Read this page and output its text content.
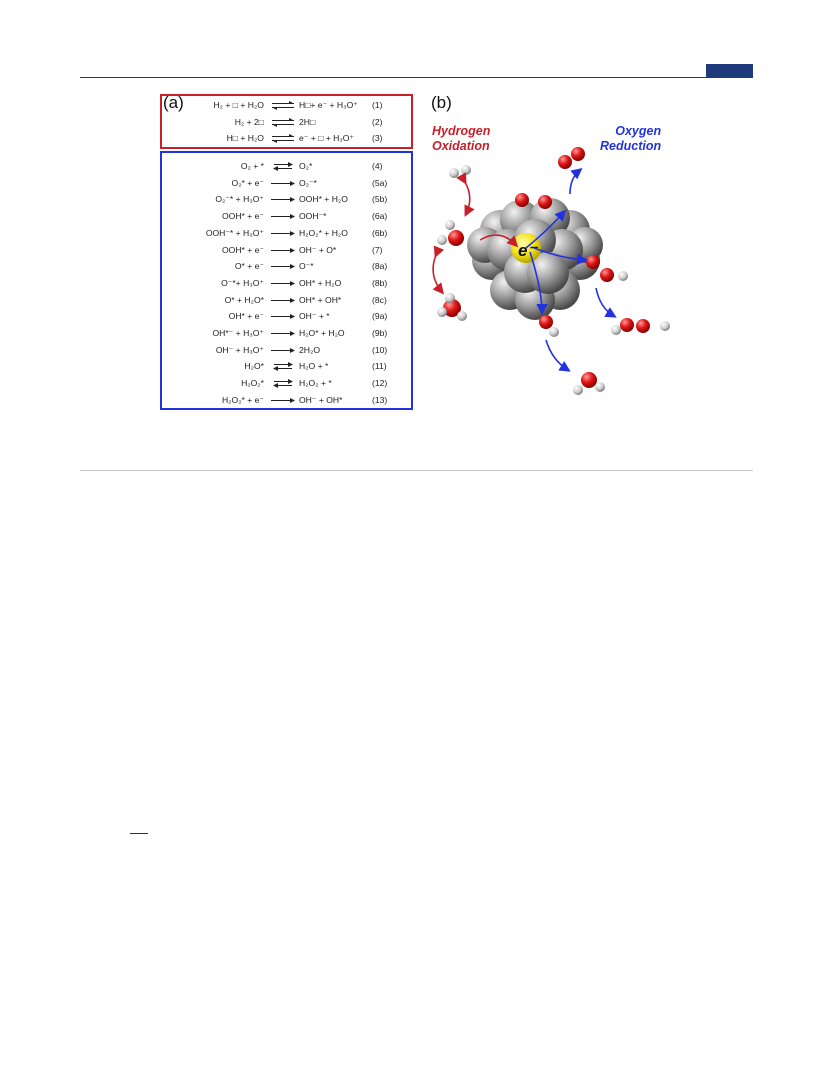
(a)	(b)
H₂ + □ + H₂O	H□+ e⁻ + H₃O⁺ (1)
H₂ + 2□	2H□	(2)
H□ + H₂O	e⁻ + □ + H₃O⁺ (3)
O₂ + *	O₂*	(4)
O₂* + e⁻	O₂⁻*	(5a)
O₂⁻* + H₃O⁺	OOH* + H₂O	(5b)
OOH* + e⁻	OOH⁻*	(6a)
OOH⁻* + H₃O⁺	H₂O₂* + H₂O	(6b)
OOH* + e⁻	OH⁻ + O*	(7)
O* + e⁻	O⁻*	(8a)
O⁻*+ H₃O⁺	OH* + H₂O	(8b)
O* + H₂O*	OH* + OH*	(8c)
OH* + e⁻	OH⁻ + *	(9a)
OH*⁻ + H₃O⁺	H₂O* + H₂O	(9b)
OH⁻ + H₃O⁺	2H₂O	(10)
H₂O*	H₂O + *	(11)
H₂O₂*	H₂O₂ + *	(12)
H₂O₂* + e⁻	OH⁻ + OH*	(13)
Hydrogen
Oxidation
Oxygen
Reduction
e⁻
